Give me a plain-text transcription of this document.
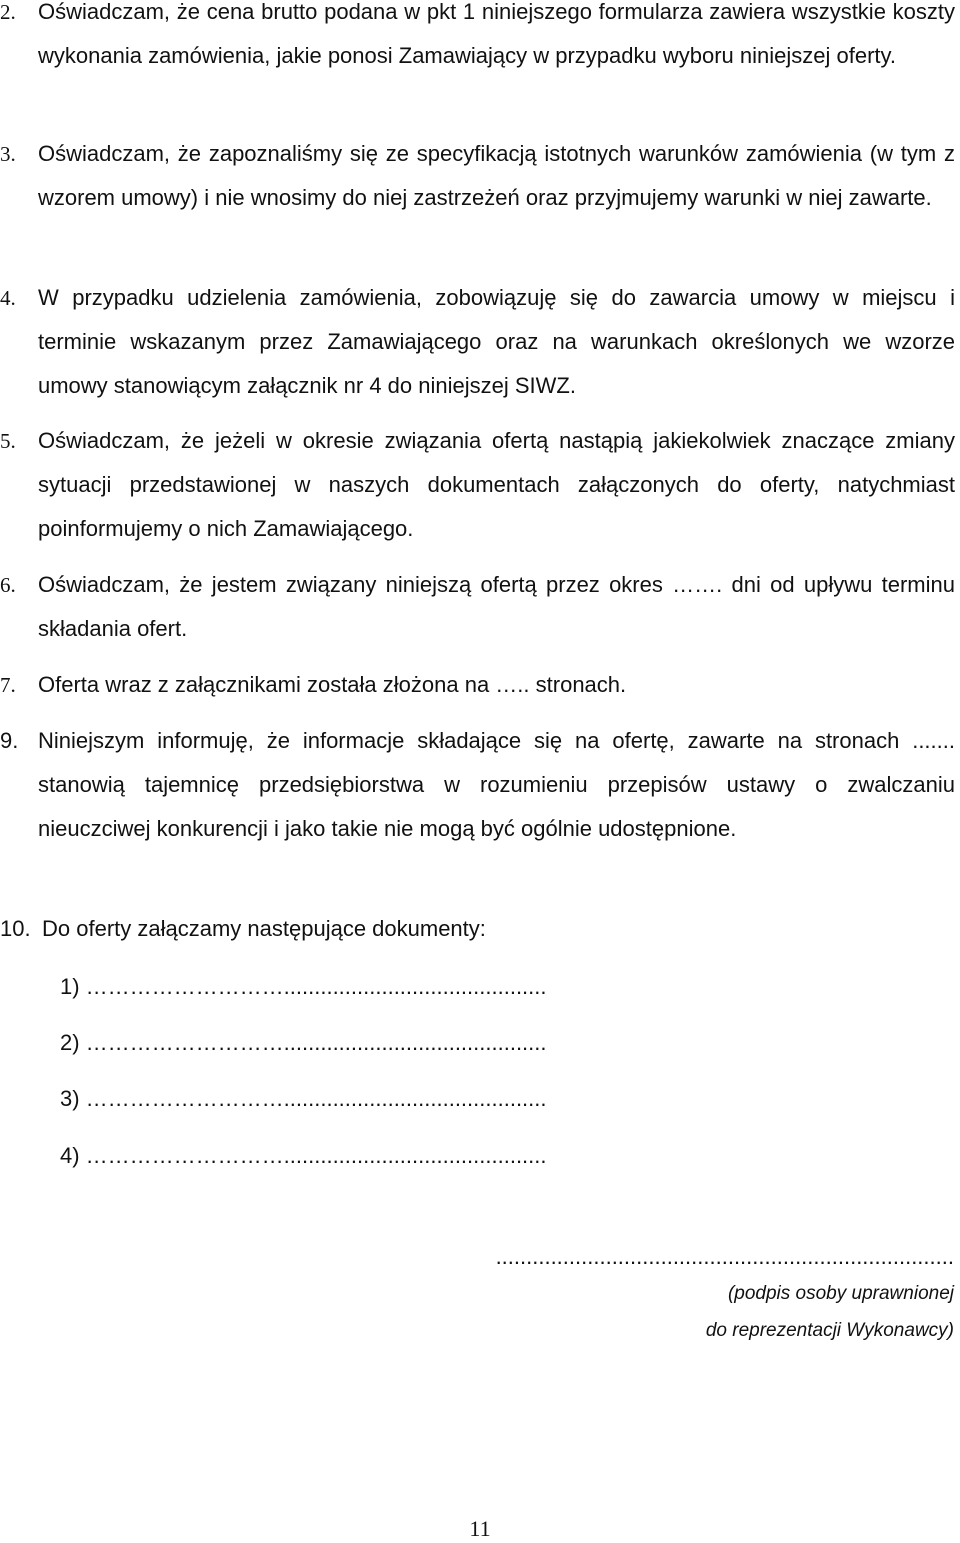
2. Oświadczam, że cena brutto podana w pkt 1 niniejszego formularza zawiera wszystkie koszty wykonania zamówienia, jakie ponosi Zamawiający w przypadku wyboru niniejszej oferty.
3. Oświadczam, że zapoznaliśmy się ze specyfikacją istotnych warunków zamówienia (w tym z wzorem umowy) i nie wnosimy do niej zastrzeżeń oraz przyjmujemy warunki w niej zawarte.
4. W przypadku udzielenia zamówienia, zobowiązuję się do zawarcia umowy w miejscu i terminie wskazanym przez Zamawiającego oraz na warunkach określonych we wzorze umowy stanowiącym załącznik nr 4 do niniejszej SIWZ.
5. Oświadczam, że jeżeli w okresie związania ofertą nastąpią jakiekolwiek znaczące zmiany sytuacji przedstawionej w naszych dokumentach załączonych do oferty, natychmiast poinformujemy o nich Zamawiającego.
6. Oświadczam, że jestem związany niniejszą ofertą przez okres ……. dni od upływu terminu składania ofert.
7. Oferta wraz z załącznikami została złożona na ….. stronach.
9. Niniejszym informuję, że informacje składające się na ofertę, zawarte na stronach ....... stanowią tajemnicę przedsiębiorstwa w rozumieniu przepisów ustawy o zwalczaniu nieuczciwej konkurencji i jako takie nie mogą być ogólnie udostępnione.
10. Do oferty załączamy następujące dokumenty:
1) ………………………...........................................
2) ………………………...........................................
3) ………………………...........................................
4) ………………………...........................................
...........................................................................
(podpis osoby uprawnionej
do reprezentacji Wykonawcy)
11
